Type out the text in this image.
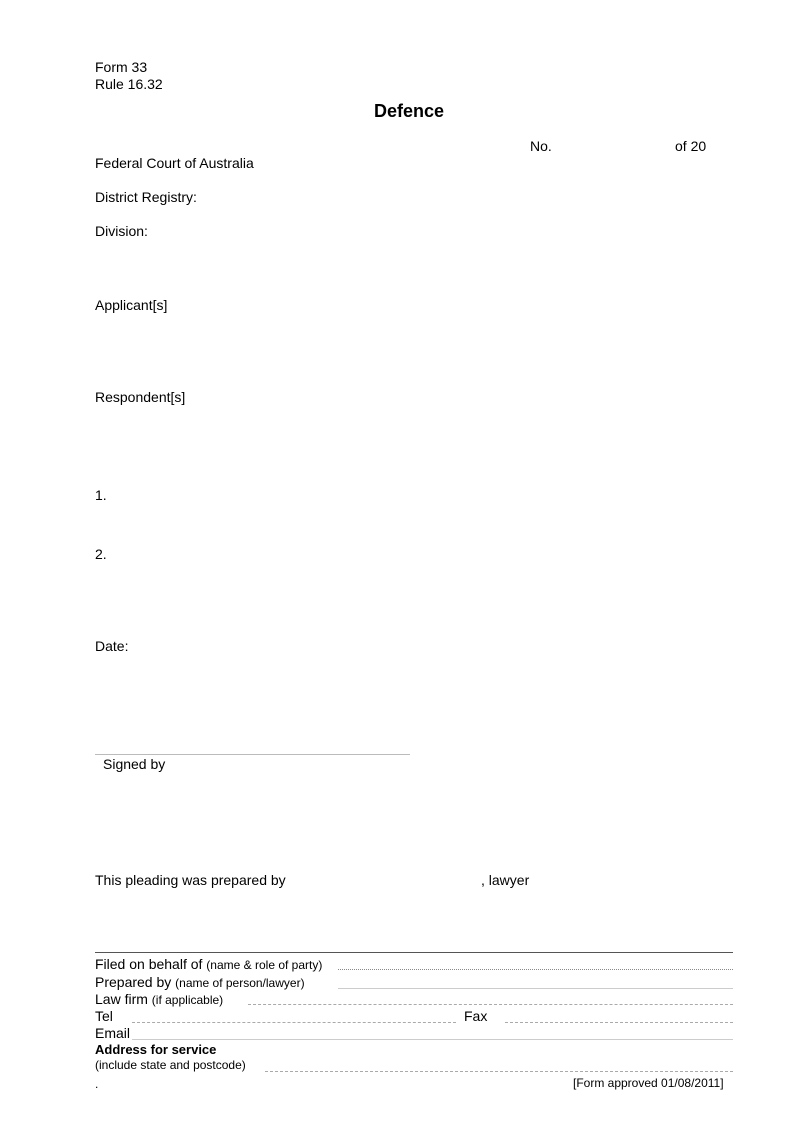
Form 33
Rule 16.32
Defence
No.	of 20
Federal Court of Australia
District Registry:
Division:
Applicant[s]
Respondent[s]
1.
2.
Date:
Signed by
This pleading was prepared by	, lawyer
Filed on behalf of (name & role of party)
Prepared by (name of person/lawyer)
Law firm (if applicable)
Tel	Fax
Email
Address for service
(include state and postcode)
.	[Form approved 01/08/2011]
